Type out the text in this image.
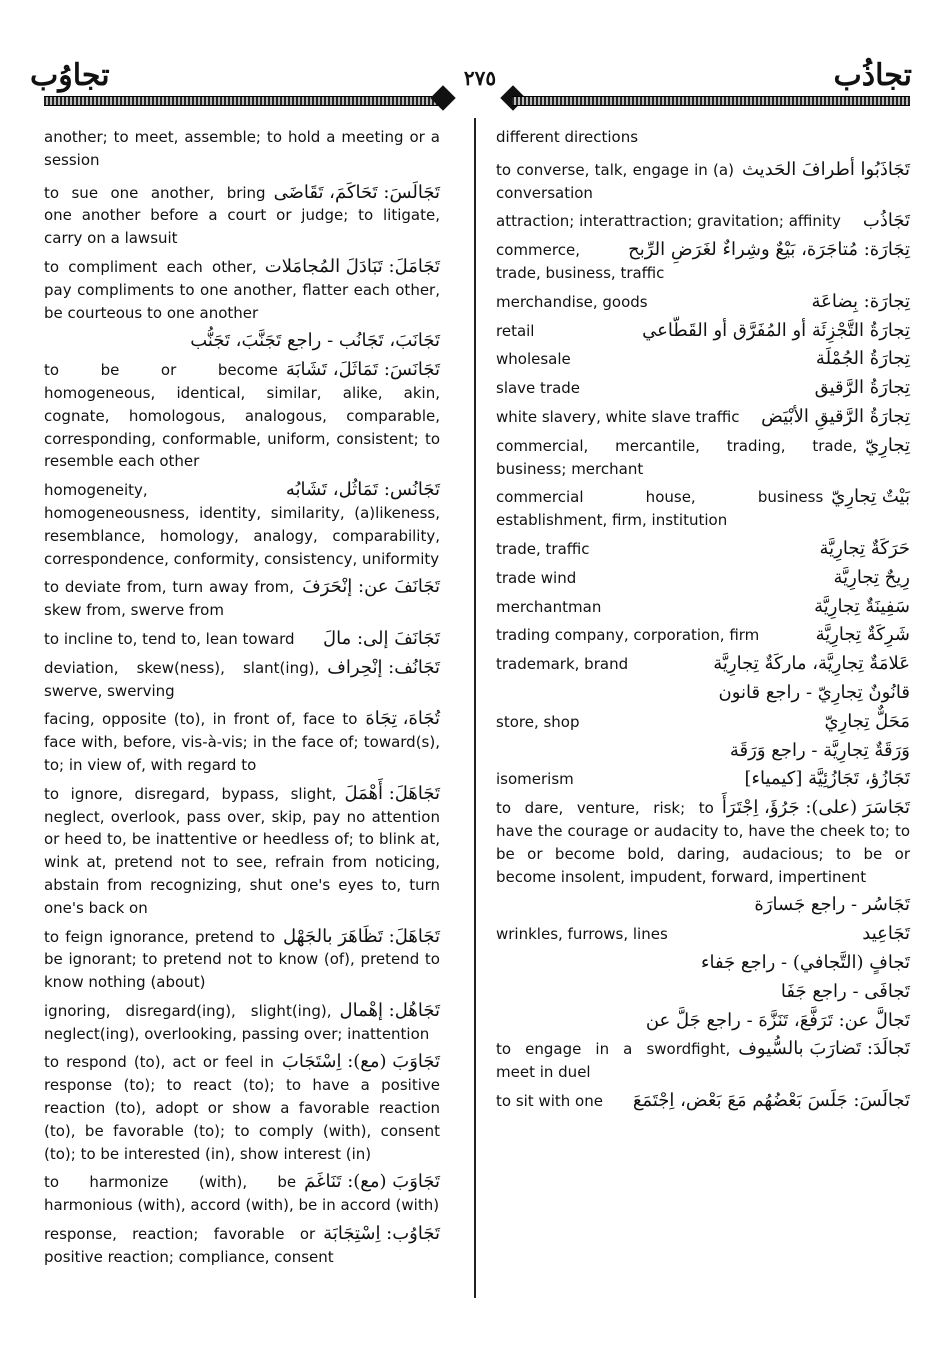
تجاوُب	٢٧٥	تجاذُب
another; to meet, assemble; to hold a meeting or a session
تَجَالَسَ: تَحَاكَمَ، تَقَاضَى
to sue one another, bring one another before a court or judge; to litigate, carry on a lawsuit
تَجَامَلَ: تَبَادَلَ المُجامَلات
to compliment each other, pay compliments to one another, flatter each other, be courteous to one another
تَجَانَبَ، تَجَانُب - راجع تَجَنَّبَ، تَجَنُّب
تَجَانَسَ: تَمَاثَلَ، تَشَابَهَ
to be or become homogeneous, identical, similar, alike, akin, cognate, homologous, analogous, comparable, corresponding, conformable, uniform, consistent; to resemble each other
تَجَانُس: تَمَاثُل، تَشَابُه
homogeneity, homogeneousness, identity, similarity, (a)likeness, resemblance, homology, analogy, comparability, correspondence, conformity, consistency, uniformity
تَجَانَفَ عن: إنْحَرَفَ
to deviate from, turn away from, skew from, swerve from
تَجَانَفَ إلى: مالَ
to incline to, tend to, lean toward
تَجَانُف: إنْحِراف
deviation, skew(ness), slant(ing), swerve, swerving
تُجَاهَ، تِجَاهَ
facing, opposite (to), in front of, face to face with, before, vis-à-vis; in the face of; toward(s), to; in view of, with regard to
تَجَاهَلَ: أَهْمَلَ
to ignore, disregard, bypass, slight, neglect, overlook, pass over, skip, pay no attention or heed to, be inattentive or heedless of; to blink at, wink at, pretend not to see, refrain from noticing, abstain from recognizing, shut one's eyes to, turn one's back on
تَجَاهَلَ: تَظَاهَرَ بالجَهْل
to feign ignorance, pretend to be ignorant; to pretend not to know (of), pretend to know nothing (about)
تَجَاهُل: إهْمال
ignoring, disregard(ing), slight(ing), neglect(ing), overlooking, passing over; inattention
تَجَاوَبَ (مع): اِسْتَجَابَ
to respond (to), act or feel in response (to); to react (to); to have a positive reaction (to), adopt or show a favorable reaction (to), be favorable (to); to comply (with), consent (to); to be interested (in), show interest (in)
تَجَاوَبَ (مع): تَنَاغَمَ
to harmonize (with), be harmonious (with), accord (with), be in accord (with)
تَجَاوُب: اِسْتِجَابَة
response, reaction; favorable or positive reaction; compliance, consent
different directions
تَجَاذَبُوا أطرافَ الحَديث
to converse, talk, engage in (a) conversation
تَجَاذُب
attraction; interattraction; gravitation; affinity
تِجَارَة: مُتاجَرَة، بَيْعٌ وشِراءٌ لغَرَضِ الرِّبح
commerce, trade, business, traffic
تِجارَة: بِضاعَة
merchandise, goods
تِجارَةُ التَّجْزِئَة أو المُفَرَّق أو القَطّاعي
retail
تِجارَةُ الجُمْلَة
wholesale
تِجارَةُ الرَّقيق
slave trade
تِجارَةُ الرَّقيقِ الأبْيَض
white slavery, white slave traffic
تِجارِيّ
commercial, mercantile, trading, trade, business; merchant
بَيْتٌ تِجارِيّ
commercial house, business establishment, firm, institution
حَرَكَةٌ تِجارِيَّة
trade, traffic
رِيحٌ تِجارِيَّة
trade wind
سَفِينَةٌ تِجارِيَّة
merchantman
شَرِكَةٌ تِجارِيَّة
trading company, corporation, firm
عَلامَةٌ تِجارِيَّة، ماركَةٌ تِجارِيَّة
trademark, brand
قانُونٌ تِجارِيّ - راجع قانون
مَحَلٌّ تِجارِيّ
store, shop
وَرَقَةٌ تِجارِيَّة - راجع وَرَقَة
تَجَازُؤ، تَجَازُئِيَّة [كيمياء]
isomerism
تَجَاسَرَ (على): جَرُؤَ، اِجْتَرَأَ
to dare, venture, risk; to have the courage or audacity to, have the cheek to; to be or become bold, daring, audacious; to be or become insolent, impudent, forward, impertinent
تَجَاسُر - راجع جَسارَة
تَجَاعِيد
wrinkles, furrows, lines
تَجافٍ (التَّجافي) - راجع جَفاء
تَجافَى - راجع جَفَا
تَجالَّ عن: تَرَفَّعَ، تَنَزَّهَ - راجع جَلَّ عن
تَجالَدَ: تَضارَبَ بالسُّيوف
to engage in a swordfight, meet in duel
تَجالَسَ: جَلَسَ بَعْضُهُم مَعَ بَعْض، اِجْتَمَعَ
to sit with one
